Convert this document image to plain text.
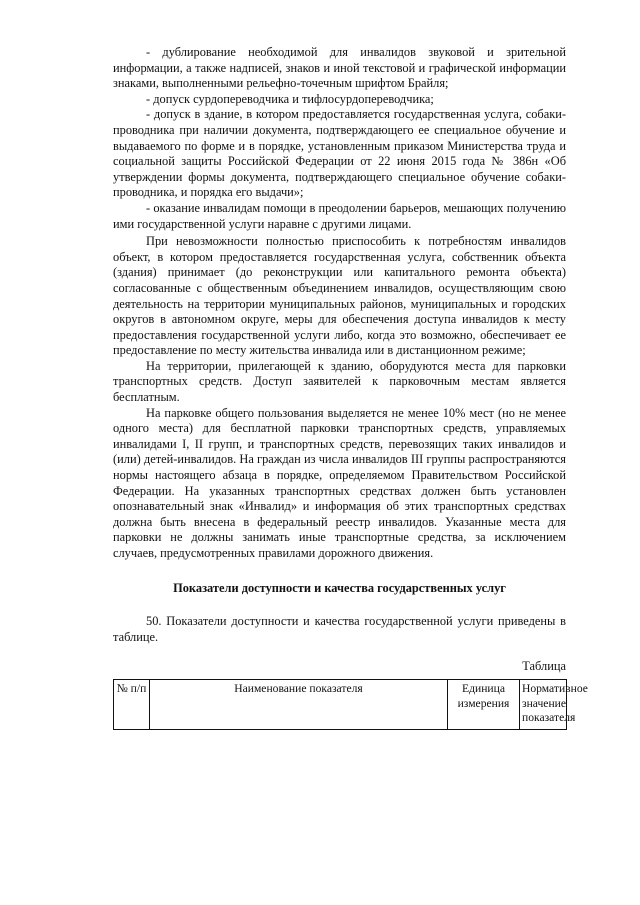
- дублирование необходимой для инвалидов звуковой и зрительной информации, а также надписей, знаков и иной текстовой и графической информации знаками, выполненными рельефно-точечным шрифтом Брайля;

- допуск сурдопереводчика и тифлосурдопереводчика;

- допуск в здание, в котором предоставляется государственная услуга, собаки-проводника при наличии документа, подтверждающего ее специальное обучение и выдаваемого по форме и в порядке, установленным приказом Министерства труда и социальной защиты Российской Федерации от 22 июня 2015 года № 386н «Об утверждении формы документа, подтверждающего специальное обучение собаки-проводника, и порядка его выдачи»;

- оказание инвалидам помощи в преодолении барьеров, мешающих получению ими государственной услуги наравне с другими лицами.

При невозможности полностью приспособить к потребностям инвалидов объект, в котором предоставляется государственная услуга, собственник объекта (здания) принимает (до реконструкции или капитального ремонта объекта) согласованные с общественным объединением инвалидов, осуществляющим свою деятельность на территории муниципальных районов, муниципальных и городских округов в автономном округе, меры для обеспечения доступа инвалидов к месту предоставления государственной услуги либо, когда это возможно, обеспечивает ее предоставление по месту жительства инвалида или в дистанционном режиме;

На территории, прилегающей к зданию, оборудуются места для парковки транспортных средств. Доступ заявителей к парковочным местам является бесплатным.

На парковке общего пользования выделяется не менее 10% мест (но не менее одного места) для бесплатной парковки транспортных средств, управляемых инвалидами I, II групп, и транспортных средств, перевозящих таких инвалидов и (или) детей-инвалидов. На граждан из числа инвалидов III группы распространяются нормы настоящего абзаца в порядке, определяемом Правительством Российской Федерации. На указанных транспортных средствах должен быть установлен опознавательный знак «Инвалид» и информация об этих транспортных средствах должна быть внесена в федеральный реестр инвалидов. Указанные места для парковки не должны занимать иные транспортные средства, за исключением случаев, предусмотренных правилами дорожного движения.

Показатели доступности и качества государственных услуг

50. Показатели доступности и качества государственной услуги приведены в таблице.

Таблица

№ п/п	Наименование показателя	Единица измерения	Нормативное значение показателя
